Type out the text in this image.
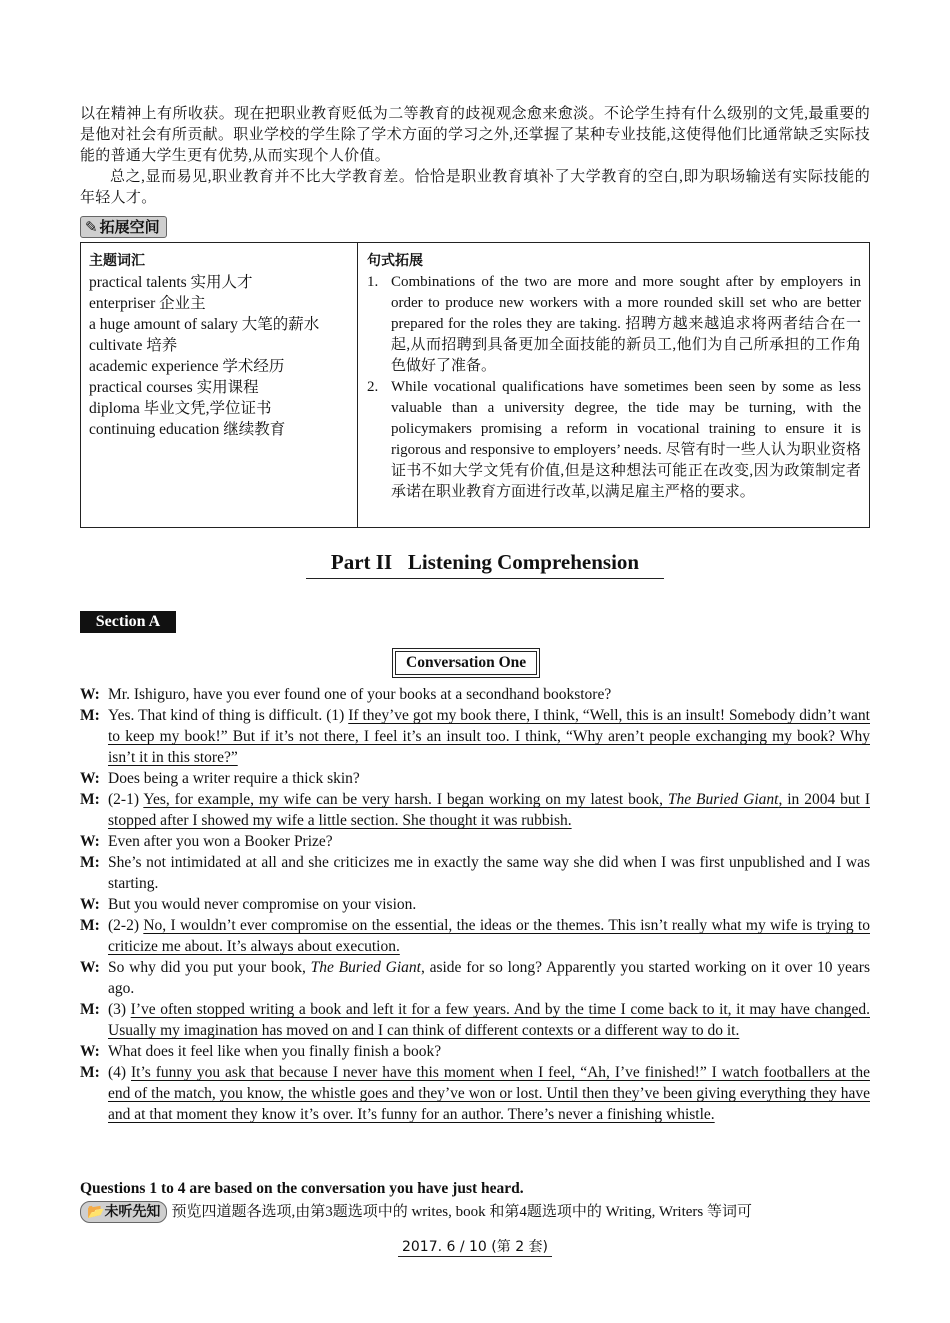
以在精神上有所收获。现在把职业教育贬低为二等教育的歧视观念愈来愈淡。不论学生持有什么级别的文凭,最重要的是他对社会有所贡献。职业学校的学生除了学术方面的学习之外,还掌握了某种专业技能,这使得他们比通常缺乏实际技能的普通大学生更有优势,从而实现个人价值。

总之,显而易见,职业教育并不比大学教育差。恰恰是职业教育填补了大学教育的空白,即为职场输送有实际技能的年轻人才。

✎ 拓展空间
主题词汇
practical talents 实用人才
enterpriser 企业主
a huge amount of salary 大笔的薪水
cultivate 培养
academic experience 学术经历
practical courses 实用课程
diploma 毕业文凭,学位证书
continuing education 继续教育
句式拓展
1. Combinations of the two are more and more sought after by employers in order to produce new workers with a more rounded skill set who are better prepared for the roles they are taking. 招聘方越来越追求将两者结合在一起,从而招聘到具备更加全面技能的新员工,他们为自己所承担的工作角色做好了准备。
2. While vocational qualifications have sometimes been seen by some as less valuable than a university degree, the tide may be turning, with the policymakers promising a reform in vocational training to ensure it is rigorous and responsive to employers’ needs. 尽管有时一些人认为职业资格证书不如大学文凭有价值,但是这种想法可能正在改变,因为政策制定者承诺在职业教育方面进行改革,以满足雇主严格的要求。
Part II   Listening Comprehension
Section A
Conversation One
W: Mr. Ishiguro, have you ever found one of your books at a secondhand bookstore?
M: Yes. That kind of thing is difficult. (1) If they’ve got my book there, I think, “Well, this is an insult! Somebody didn’t want to keep my book!” But if it’s not there, I feel it’s an insult too. I think, “Why aren’t people exchanging my book? Why isn’t it in this store?”
W: Does being a writer require a thick skin?
M: (2-1) Yes, for example, my wife can be very harsh. I began working on my latest book, The Buried Giant, in 2004 but I stopped after I showed my wife a little section. She thought it was rubbish.
W: Even after you won a Booker Prize?
M: She’s not intimidated at all and she criticizes me in exactly the same way she did when I was first unpublished and I was starting.
W: But you would never compromise on your vision.
M: (2-2) No, I wouldn’t ever compromise on the essential, the ideas or the themes. This isn’t really what my wife is trying to criticize me about. It’s always about execution.
W: So why did you put your book, The Buried Giant, aside for so long? Apparently you started working on it over 10 years ago.
M: (3) I’ve often stopped writing a book and left it for a few years. And by the time I come back to it, it may have changed. Usually my imagination has moved on and I can think of different contexts or a different way to do it.
W: What does it feel like when you finally finish a book?
M: (4) It’s funny you ask that because I never have this moment when I feel, “Ah, I’ve finished!” I watch footballers at the end of the match, you know, the whistle goes and they’ve won or lost. Until then they’ve been giving everything they have and at that moment they know it’s over. It’s funny for an author. There’s never a finishing whistle.
Questions 1 to 4 are based on the conversation you have just heard.
📂未听先知 预览四道题各选项,由第3题选项中的 writes, book 和第4题选项中的 Writing, Writers 等词可
2017. 6 / 10 (第 2 套)
